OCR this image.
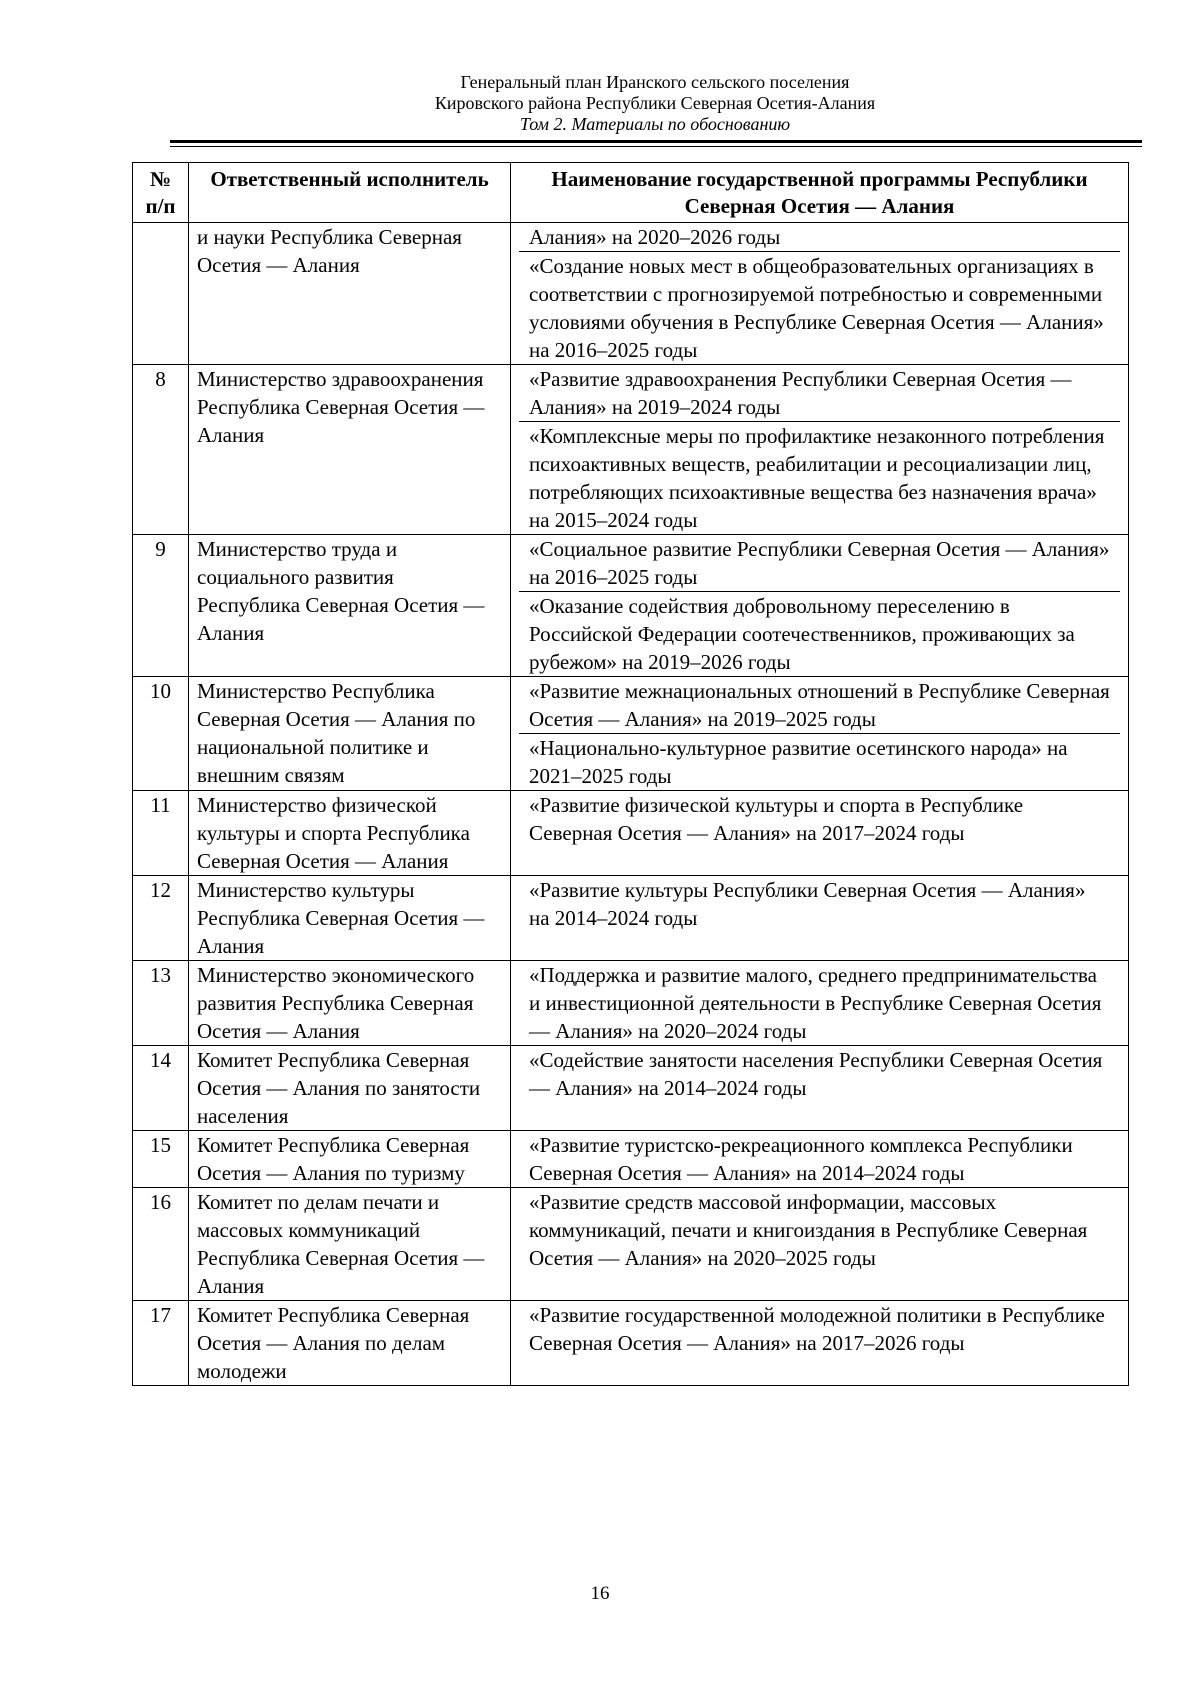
Генеральный план Иранского сельского поселения
Кировского района Республики Северная Осетия-Алания
Том 2. Материалы по обоснованию
№ п/п	Ответственный исполнитель	Наименование государственной программы Республики Северная Осетия — Алания
	и науки Республика Северная Осетия — Алания	Алания» на 2020–2026 годы
«Создание новых мест в общеобразовательных организациях в соответствии с прогнозируемой потребностью и современными условиями обучения в Республике Северная Осетия — Алания» на 2016–2025 годы

8	Министерство здравоохранения Республика Северная Осетия — Алания	«Развитие здравоохранения Республики Северная Осетия — Алания» на 2019–2024 годы
«Комплексные меры по профилактике незаконного потребления психоактивных веществ, реабилитации и ресоциализации лиц, потребляющих психоактивные вещества без назначения врача» на 2015–2024 годы

9	Министерство труда и социального развития Республика Северная Осетия — Алания	«Социальное развитие Республики Северная Осетия — Алания» на 2016–2025 годы
«Оказание содействия добровольному переселению в Российской Федерации соотечественников, проживающих за рубежом» на 2019–2026 годы

10	Министерство Республика Северная Осетия — Алания по национальной политике и внешним связям	«Развитие межнациональных отношений в Республике Северная Осетия — Алания» на 2019–2025 годы
«Национально-культурное развитие осетинского народа» на 2021–2025 годы

11	Министерство физической культуры и спорта Республика Северная Осетия — Алания	«Развитие физической культуры и спорта в Республике Северная Осетия — Алания» на 2017–2024 годы

12	Министерство культуры Республика Северная Осетия — Алания	«Развитие культуры Республики Северная Осетия — Алания» на 2014–2024 годы

13	Министерство экономического развития Республика Северная Осетия — Алания	«Поддержка и развитие малого, среднего предпринимательства и инвестиционной деятельности в Республике Северная Осетия — Алания» на 2020–2024 годы

14	Комитет Республика Северная Осетия — Алания по занятости населения	«Содействие занятости населения Республики Северная Осетия — Алания» на 2014–2024 годы

15	Комитет Республика Северная Осетия — Алания по туризму	«Развитие туристско-рекреационного комплекса Республики Северная Осетия — Алания» на 2014–2024 годы

16	Комитет по делам печати и массовых коммуникаций Республика Северная Осетия — Алания	«Развитие средств массовой информации, массовых коммуникаций, печати и книгоиздания в Республике Северная Осетия — Алания» на 2020–2025 годы

17	Комитет Республика Северная Осетия — Алания по делам молодежи	«Развитие государственной молодежной политики в Республике Северная Осетия — Алания» на 2017–2026 годы
16
